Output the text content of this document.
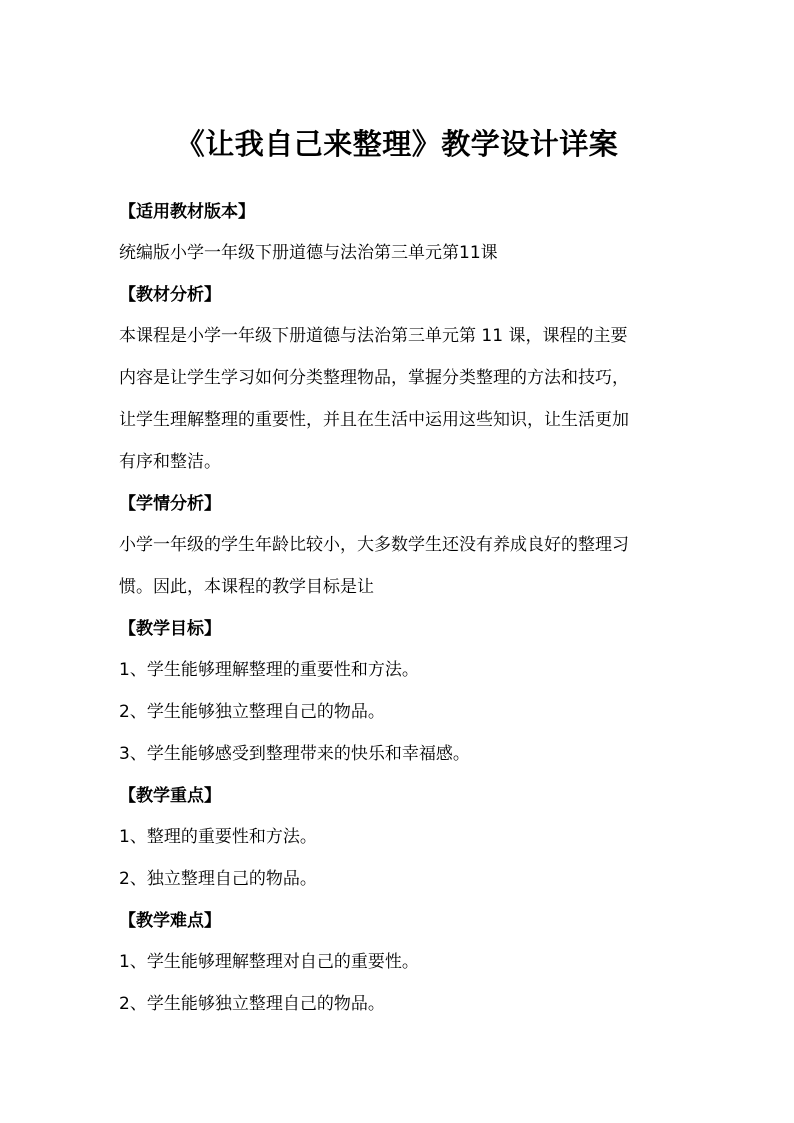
《让我自己来整理》教学设计详案

【适用教材版本】

统编版小学一年级下册道德与法治第三单元第11课

【教材分析】

本课程是小学一年级下册道德与法治第三单元第 11 课，课程的主要

内容是让学生学习如何分类整理物品，掌握分类整理的方法和技巧，

让学生理解整理的重要性，并且在生活中运用这些知识，让生活更加

有序和整洁。

【学情分析】

小学一年级的学生年龄比较小，大多数学生还没有养成良好的整理习

惯。因此，本课程的教学目标是让

【教学目标】

1、学生能够理解整理的重要性和方法。

2、学生能够独立整理自己的物品。

3、学生能够感受到整理带来的快乐和幸福感。

【教学重点】

1、整理的重要性和方法。

2、独立整理自己的物品。

【教学难点】

1、学生能够理解整理对自己的重要性。

2、学生能够独立整理自己的物品。
